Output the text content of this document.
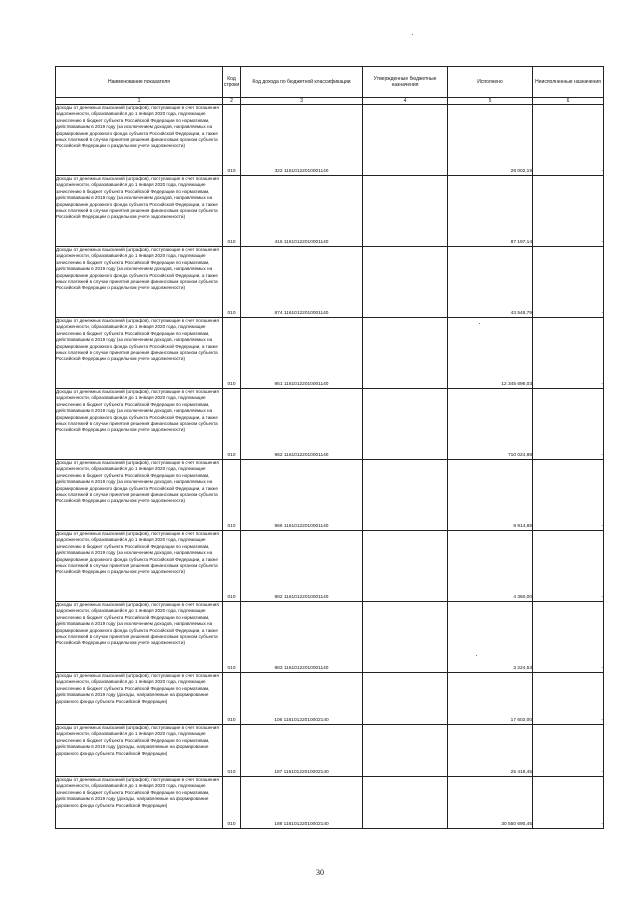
Наименование показателя	Код строки	Код дохода по бюджетной классификации	Утвержденные бюджетные назначения	Исполнено	Неисполненные назначения
1	2	3	4	5	6
Доходы от денежных взысканий (штрафов), поступающие в счет погашения задолженности, образовавшейся до 1 января 2020 года, подлежащие зачислению в бюджет субъекта Российской Федерации по нормативам, действовавшим в 2019 году (за исключением доходов, направляемых на формирование дорожного фонда субъекта Российской Федерации, а также иных платежей в случае принятия решения финансовым органом субъекта Российской Федерации о раздельном учете задолженности)	010	322 11610122010001140		28 002,19	-
Доходы от денежных взысканий (штрафов), поступающие в счет погашения задолженности, образовавшейся до 1 января 2020 года, подлежащие зачислению в бюджет субъекта Российской Федерации по нормативам, действовавшим в 2019 году (за исключением доходов, направляемых на формирование дорожного фонда субъекта Российской Федерации, а также иных платежей в случае принятия решения финансовым органом субъекта Российской Федерации о раздельном учете задолженности)	010	415 11610122010001140		87 197,14	-
Доходы от денежных взысканий (штрафов), поступающие в счет погашения задолженности, образовавшейся до 1 января 2020 года, подлежащие зачислению в бюджет субъекта Российской Федерации по нормативам, действовавшим в 2019 году (за исключением доходов, направляемых на формирование дорожного фонда субъекта Российской Федерации, а также иных платежей в случае принятия решения финансовым органом субъекта Российской Федерации о раздельном учете задолженности)	010	874 11610122010001140		43 548,79	-
Доходы от денежных взысканий (штрафов), поступающие в счет погашения задолженности, образовавшейся до 1 января 2020 года, подлежащие зачислению в бюджет субъекта Российской Федерации по нормативам, действовавшим в 2019 году (за исключением доходов, направляемых на формирование дорожного фонда субъекта Российской Федерации, а также иных платежей в случае принятия решения финансовым органом субъекта Российской Федерации о раздельном учете задолженности)	010	951 11610122010001140		12 345 696,03	-
Доходы от денежных взысканий (штрафов), поступающие в счет погашения задолженности, образовавшейся до 1 января 2020 года, подлежащие зачислению в бюджет субъекта Российской Федерации по нормативам, действовавшим в 2019 году (за исключением доходов, направляемых на формирование дорожного фонда субъекта Российской Федерации, а также иных платежей в случае принятия решения финансовым органом субъекта Российской Федерации о раздельном учете задолженности)	010	962 11610122010001140		710 024,88	-
Доходы от денежных взысканий (штрафов), поступающие в счет погашения задолженности, образовавшейся до 1 января 2020 года, подлежащие зачислению в бюджет субъекта Российской Федерации по нормативам, действовавшим в 2019 году (за исключением доходов, направляемых на формирование дорожного фонда субъекта Российской Федерации, а также иных платежей в случае принятия решения финансовым органом субъекта Российской Федерации о раздельном учете задолженности)	010	966 11610122010001140		8 914,89	-
Доходы от денежных взысканий (штрафов), поступающие в счет погашения задолженности, образовавшейся до 1 января 2020 года, подлежащие зачислению в бюджет субъекта Российской Федерации по нормативам, действовавшим в 2019 году (за исключением доходов, направляемых на формирование дорожного фонда субъекта Российской Федерации, а также иных платежей в случае принятия решения финансовым органом субъекта Российской Федерации о раздельном учете задолженности)	010	982 11610122010001140		4 360,00	-
Доходы от денежных взысканий (штрафов), поступающие в счет погашения задолженности, образовавшейся до 1 января 2020 года, подлежащие зачислению в бюджет субъекта Российской Федерации по нормативам, действовавшим в 2019 году (за исключением доходов, направляемых на формирование дорожного фонда субъекта Российской Федерации, а также иных платежей в случае принятия решения финансовым органом субъекта Российской Федерации о раздельном учете задолженности)	010	983 11610122010001140		3 224,53	-
Доходы от денежных взысканий (штрафов), поступающие в счет погашения задолженности, образовавшейся до 1 января 2020 года, подлежащие зачислению в бюджет субъекта Российской Федерации по нормативам, действовавшим в 2019 году (доходы, направляемые на формирование дорожного фонда субъекта Российской Федерации)	010	106 11610122010002140		17 602,00	-
Доходы от денежных взысканий (штрафов), поступающие в счет погашения задолженности, образовавшейся до 1 января 2020 года, подлежащие зачислению в бюджет субъекта Российской Федерации по нормативам, действовавшим в 2019 году (доходы, направляемые на формирование дорожного фонда субъекта Российской Федерации)	010	187 11610122010002140		25 418,45	-
Доходы от денежных взысканий (штрафов), поступающие в счет погашения задолженности, образовавшейся до 1 января 2020 года, подлежащие зачислению в бюджет субъекта Российской Федерации по нормативам, действовавшим в 2019 году (доходы, направляемые на формирование дорожного фонда субъекта Российской Федерации)	010	188 11610122010002140		30 550 690,45	-
30
